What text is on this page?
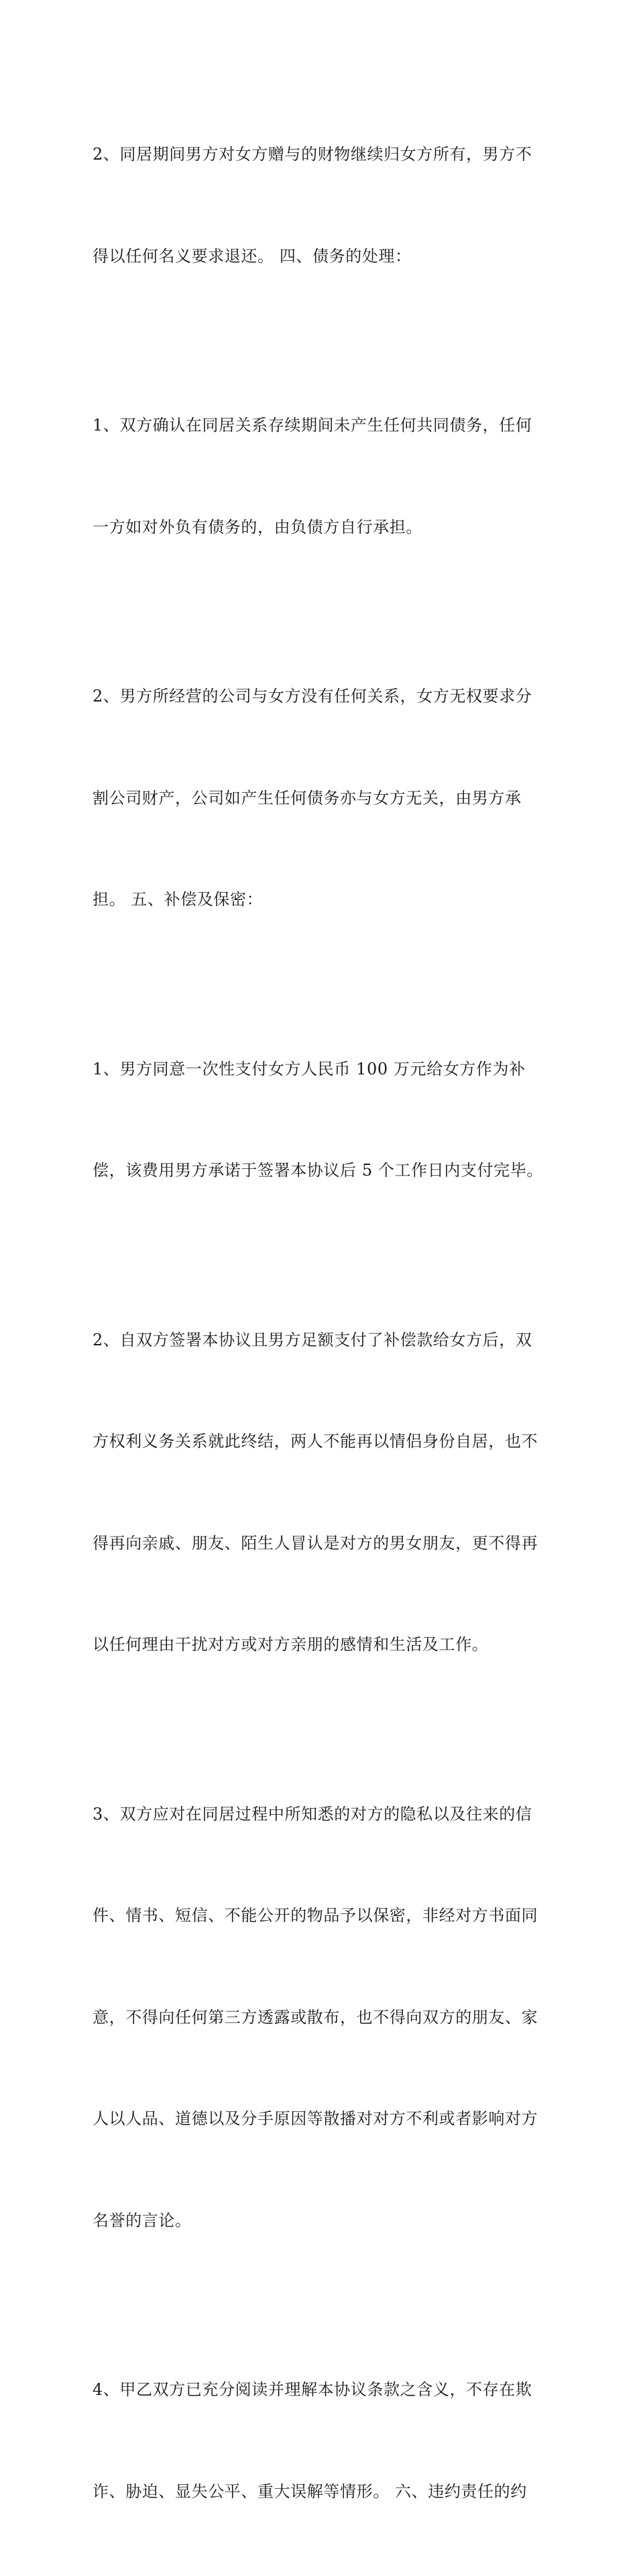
2、同居期间男方对女方赠与的财物继续归女方所有，男方不

得以任何名义要求退还。 四、债务的处理：

1、双方确认在同居关系存续期间未产生任何共同债务，任何

一方如对外负有债务的，由负债方自行承担。

2、男方所经营的公司与女方没有任何关系，女方无权要求分

割公司财产，公司如产生任何债务亦与女方无关，由男方承

担。 五、补偿及保密：

1、男方同意一次性支付女方人民币 100 万元给女方作为补

偿，该费用男方承诺于签署本协议后 5 个工作日内支付完毕。

2、自双方签署本协议且男方足额支付了补偿款给女方后，双

方权利义务关系就此终结，两人不能再以情侣身份自居，也不

得再向亲戚、朋友、陌生人冒认是对方的男女朋友，更不得再

以任何理由干扰对方或对方亲朋的感情和生活及工作。

3、双方应对在同居过程中所知悉的对方的隐私以及往来的信

件、情书、短信、不能公开的物品予以保密，非经对方书面同

意，不得向任何第三方透露或散布，也不得向双方的朋友、家

人以人品、道德以及分手原因等散播对对方不利或者影响对方

名誉的言论。

4、甲乙双方已充分阅读并理解本协议条款之含义，不存在欺

诈、胁迫、显失公平、重大误解等情形。 六、违约责任的约
